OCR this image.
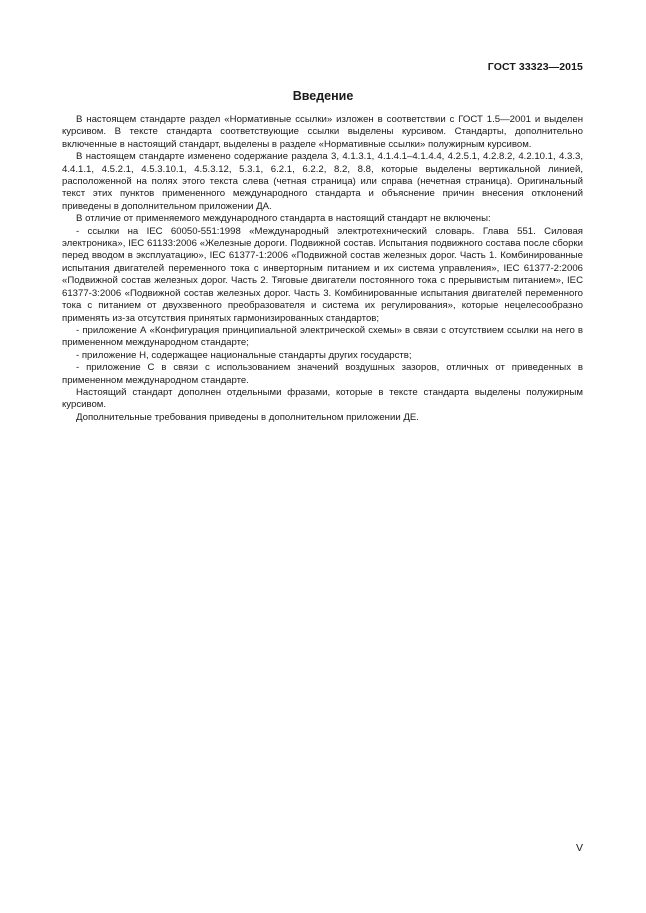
ГОСТ 33323—2015
Введение

В настоящем стандарте раздел «Нормативные ссылки» изложен в соответствии с ГОСТ 1.5—2001 и выделен курсивом. В тексте стандарта соответствующие ссылки выделены курсивом. Стандарты, дополнительно включенные в настоящий стандарт, выделены в разделе «Нормативные ссылки» полужирным курсивом.

В настоящем стандарте изменено содержание раздела 3, 4.1.3.1, 4.1.4.1–4.1.4.4, 4.2.5.1, 4.2.8.2, 4.2.10.1, 4.3.3, 4.4.1.1, 4.5.2.1, 4.5.3.10.1, 4.5.3.12, 5.3.1, 6.2.1, 6.2.2, 8.2, 8.8, которые выделены вертикальной линией, расположенной на полях этого текста слева (четная страница) или справа (нечетная страница). Оригинальный текст этих пунктов примененного международного стандарта и объяснение причин внесения отклонений приведены в дополнительном приложении ДА.

В отличие от применяемого международного стандарта в настоящий стандарт не включены:

- ссылки на IEC 60050-551:1998 «Международный электротехнический словарь. Глава 551. Силовая электроника», IEC 61133:2006 «Железные дороги. Подвижной состав. Испытания подвижного состава после сборки перед вводом в эксплуатацию», IEC 61377-1:2006 «Подвижной состав железных дорог. Часть 1. Комбинированные испытания двигателей переменного тока с инверторным питанием и их система управления», IEC 61377-2:2006 «Подвижной состав железных дорог. Часть 2. Тяговые двигатели постоянного тока с прерывистым питанием», IEC 61377-3:2006 «Подвижной состав железных дорог. Часть 3. Комбинированные испытания двигателей переменного тока с питанием от двухзвенного преобразователя и система их регулирования», которые нецелесообразно применять из-за отсутствия принятых гармонизированных стандартов;

- приложение А «Конфигурация принципиальной электрической схемы» в связи с отсутствием ссылки на него в примененном международном стандарте;

- приложение Н, содержащее национальные стандарты других государств;

- приложение С в связи с использованием значений воздушных зазоров, отличных от приведенных в примененном международном стандарте.

Настоящий стандарт дополнен отдельными фразами, которые в тексте стандарта выделены полужирным курсивом.

Дополнительные требования приведены в дополнительном приложении ДЕ.

V
